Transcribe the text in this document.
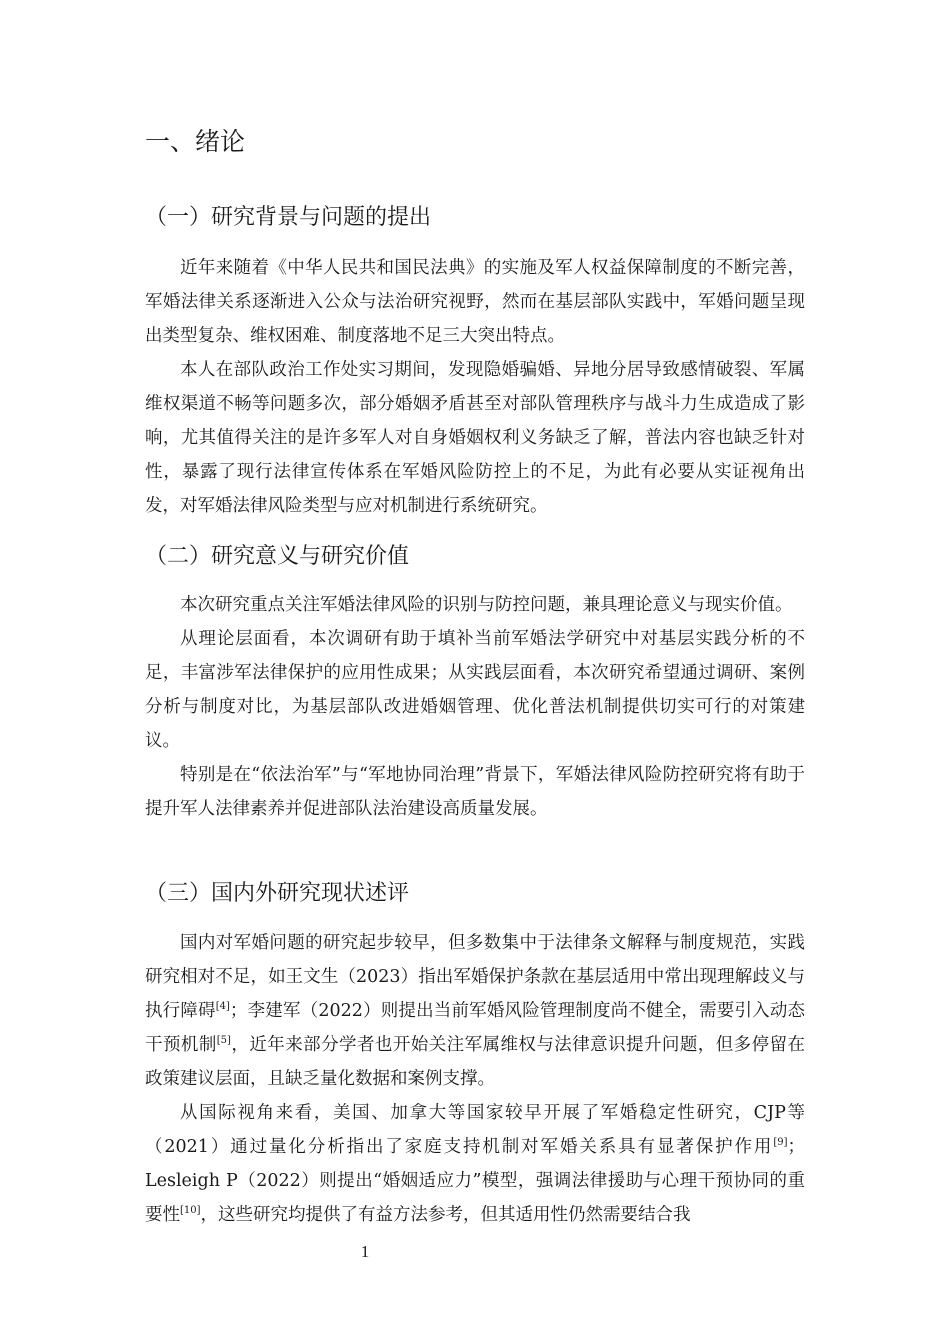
一、绪论
（一）研究背景与问题的提出

近年来随着《中华人民共和国民法典》的实施及军人权益保障制度的不断完善，军婚法律关系逐渐进入公众与法治研究视野，然而在基层部队实践中，军婚问题呈现出类型复杂、维权困难、制度落地不足三大突出特点。

本人在部队政治工作处实习期间，发现隐婚骗婚、异地分居导致感情破裂、军属维权渠道不畅等问题多次，部分婚姻矛盾甚至对部队管理秩序与战斗力生成造成了影响，尤其值得关注的是许多军人对自身婚姻权利义务缺乏了解，普法内容也缺乏针对性，暴露了现行法律宣传体系在军婚风险防控上的不足，为此有必要从实证视角出发，对军婚法律风险类型与应对机制进行系统研究。

（二）研究意义与研究价值

本次研究重点关注军婚法律风险的识别与防控问题，兼具理论意义与现实价值。

从理论层面看，本次调研有助于填补当前军婚法学研究中对基层实践分析的不足，丰富涉军法律保护的应用性成果；从实践层面看，本次研究希望通过调研、案例分析与制度对比，为基层部队改进婚姻管理、优化普法机制提供切实可行的对策建议。

特别是在“依法治军”与“军地协同治理”背景下，军婚法律风险防控研究将有助于提升军人法律素养并促进部队法治建设高质量发展。

（三）国内外研究现状述评

国内对军婚问题的研究起步较早，但多数集中于法律条文解释与制度规范，实践研究相对不足，如王文生（2023）指出军婚保护条款在基层适用中常出现理解歧义与执行障碍[4]；李建军（2022）则提出当前军婚风险管理制度尚不健全，需要引入动态干预机制[5]，近年来部分学者也开始关注军属维权与法律意识提升问题，但多停留在政策建议层面，且缺乏量化数据和案例支撑。

从国际视角来看，美国、加拿大等国家较早开展了军婚稳定性研究，CJP等（2021）通过量化分析指出了家庭支持机制对军婚关系具有显著保护作用[9]；Lesleigh P（2022）则提出“婚姻适应力”模型，强调法律援助与心理干预协同的重要性[10]，这些研究均提供了有益方法参考，但其适用性仍然需要结合我

1
